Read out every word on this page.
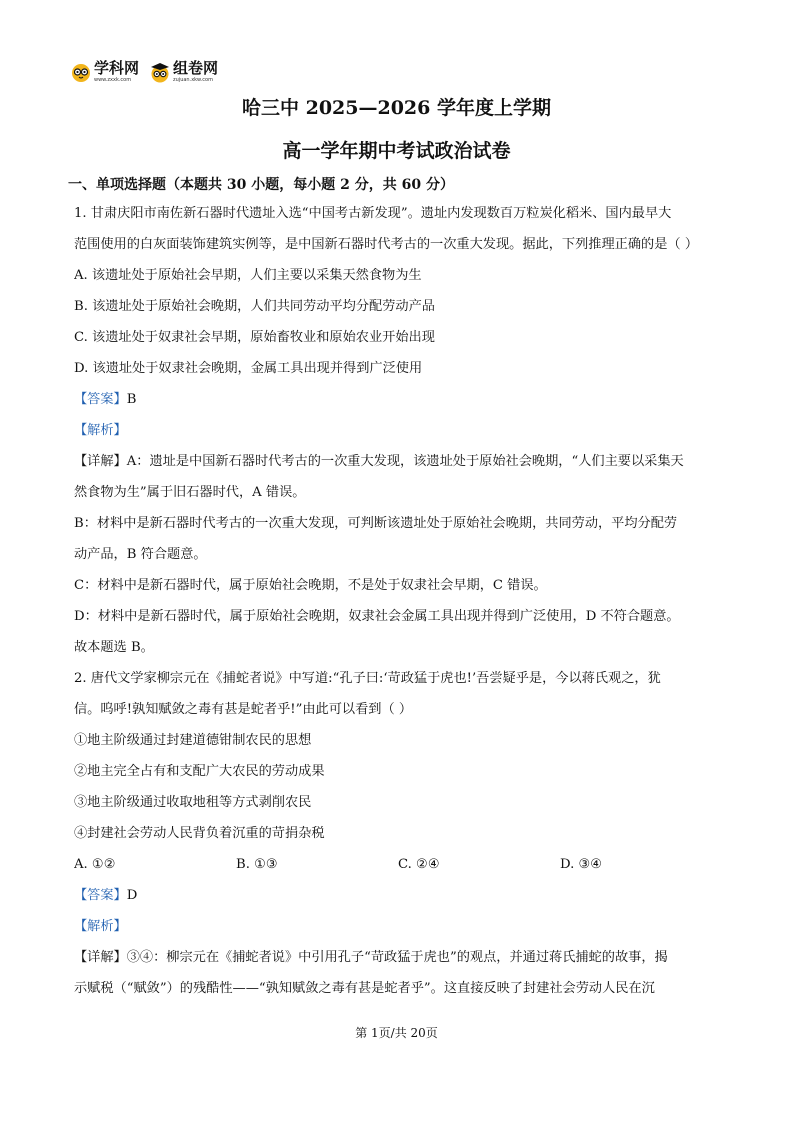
学科网
www.zxxk.com
组卷网
zujuan.xkw.com
哈三中 2025—2026 学年度上学期
高一学年期中考试政治试卷
一、单项选择题（本题共 30 小题，每小题 2 分，共 60 分）
1. 甘肃庆阳市南佐新石器时代遗址入选“中国考古新发现”。遗址内发现数百万粒炭化稻米、国内最早大
范围使用的白灰面装饰建筑实例等，是中国新石器时代考古的一次重大发现。据此，下列推理正确的是（ ）
A. 该遗址处于原始社会早期，人们主要以采集天然食物为生
B. 该遗址处于原始社会晚期，人们共同劳动平均分配劳动产品
C. 该遗址处于奴隶社会早期，原始畜牧业和原始农业开始出现
D. 该遗址处于奴隶社会晚期，金属工具出现并得到广泛使用
【答案】B
【解析】
【详解】A：遗址是中国新石器时代考古的一次重大发现，该遗址处于原始社会晚期，“人们主要以采集天
然食物为生”属于旧石器时代，A 错误。
B：材料中是新石器时代考古的一次重大发现，可判断该遗址处于原始社会晚期，共同劳动，平均分配劳
动产品，B 符合题意。
C：材料中是新石器时代，属于原始社会晚期，不是处于奴隶社会早期，C 错误。
D：材料中是新石器时代，属于原始社会晚期，奴隶社会金属工具出现并得到广泛使用，D 不符合题意。
故本题选 B。
2. 唐代文学家柳宗元在《捕蛇者说》中写道:“孔子曰:‘苛政猛于虎也!’吾尝疑乎是，今以蒋氏观之，犹
信。呜呼!孰知赋敛之毒有甚是蛇者乎!”由此可以看到（ ）
①地主阶级通过封建道德钳制农民的思想
②地主完全占有和支配广大农民的劳动成果
③地主阶级通过收取地租等方式剥削农民
④封建社会劳动人民背负着沉重的苛捐杂税
A. ①②	B. ①③	C. ②④	D. ③④
【答案】D
【解析】
【详解】③④：柳宗元在《捕蛇者说》中引用孔子“苛政猛于虎也”的观点，并通过蒋氏捕蛇的故事，揭
示赋税（“赋敛”）的残酷性——“孰知赋敛之毒有甚是蛇者乎”。这直接反映了封建社会劳动人民在沉
第 1页/共 20页
